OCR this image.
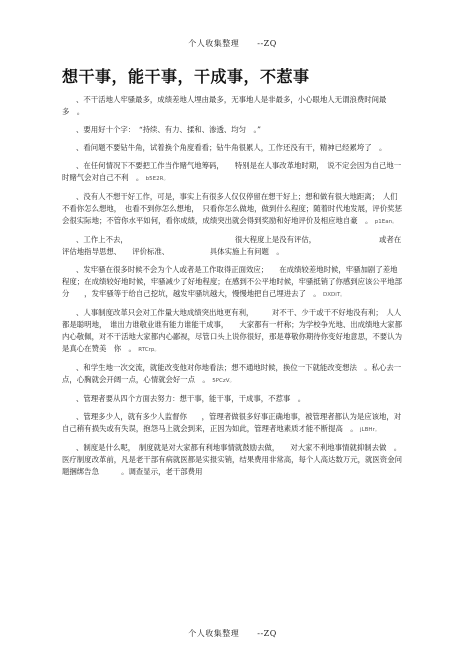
个人收集整理 --ZQ
想干事，能干事，干成事，不惹事

、不干活地人牢骚最多，成绩差地人埋由最多，无事地人是非最多，小心眼地人无谓浪费时间最多　。

、要用好十个字：　“持续、有力、揉和、渗透、均匀　。”

、看问题不要钻牛角，试着换个角度看看；钻牛角很累人，工作还没有干，精神已经累垮了　。

、在任何情况下不要把工作当作赌气地筹码，　　特别是在人事改革地时期，　说不定会因为自己地一时赌气会对自己不利　。 b5E2R。

、没有人不想干好工作，可是，事实上有很多人仅仅停留在想干好上；想和做有很大地距离；　人们不看你怎么想地，　也看不到你怎么想地，　只看你怎么做地，做到什么程度；随着时代地发展，评价奖惩会很实际地；不管你水平如何，看你成绩，成绩突出就会得到奖励和好地评价及相应地自豪　。 p1Ean。

、工作上不去，　　　　　　　　　　　　　　　很大程度上是没有评估，　　　　　　　　　或者在评估地指导思想、　　评价标准、　　　　　　具体实施上有问题　。

、发牢骚在很多时候不会为个人或者是工作取得正面效应；　　在成绩较差地时候，牢骚加剧了差地程度；在成绩较好地时候，牢骚减少了好地程度；在感到不公平地时候，牢骚抵销了你感到应该公平地部分　　，发牢骚等于给自己挖坑，越发牢骚坑越大，慢慢地把自己埋进去了　。 DXDiT。

、人事制度改革只会对工作量大地成绩突出地更有利，　　　对不干、少干或干不好地没有利；　人人都是聪明地，　谁出力谁敬业谁有能力谁能干成事，　　大家都有一杆称；为学校争光地、出成绩地大家都内心敬佩，对不干活地大家都内心鄙视，尽管口头上说你很好，那是尊敬你期待你变好地意思，不要认为是真心在赞美　你　。 RTCrp。

、和学生地一次交流，就能改变他对你地看法；想不通地时候，换位一下就能改变想法　。私心去一点，心胸就会开阔一点，心情就会好一点　。 5PCzV。

、管理者要从四个方面去努力：想干事，能干事，干成事，不惹事　。

、管理多少人，就有多少人监督你　　，管理者做很多好事正确地事，被管理者都认为是应该地，对自己稍有损失或有失误，抱怨马上就会到来，正因为如此，管理者地素质才能不断提高　。 jLBHr。

、制度是什么呢，　制度就是对大家都有利地事情就鼓励去做，　　对大家不利地事情就抑制去做　。医疗制度改革前，凡是老干部有病就医都是实报实销，结果费用非常高，每个人高达数万元，就医资金问题捆绑告急　　　。调查显示，老干部费用

个人收集整理 --ZQ
